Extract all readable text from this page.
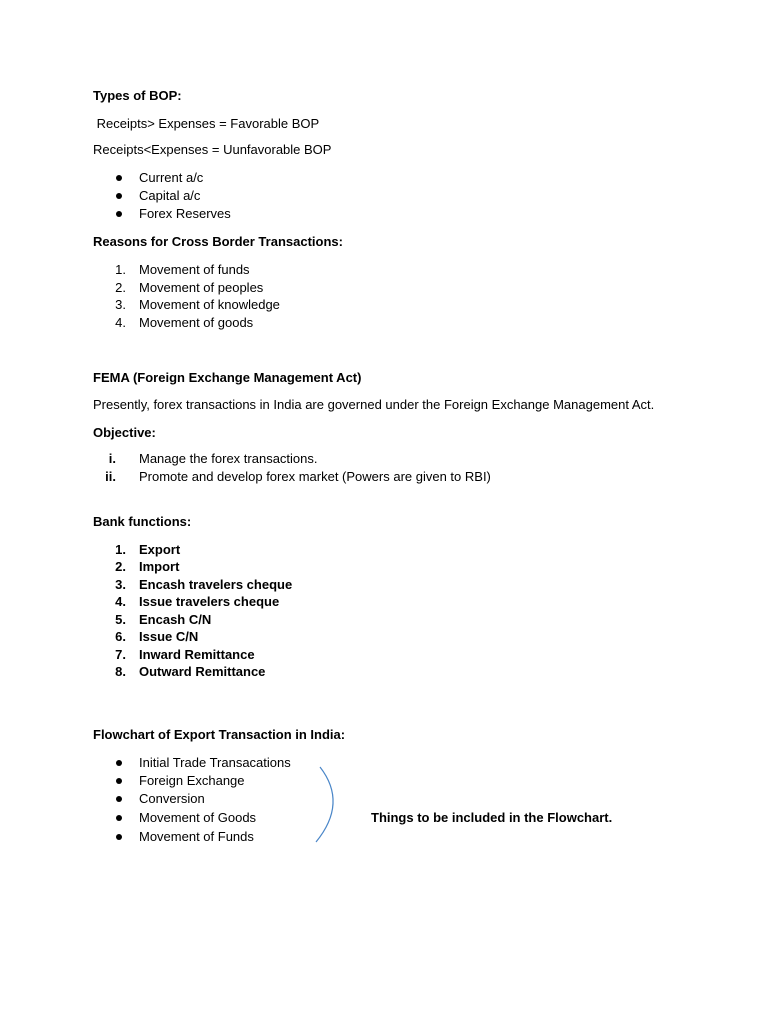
Types of BOP:
Receipts> Expenses = Favorable BOP
Receipts<Expenses = Uunfavorable BOP
Current a/c
Capital a/c
Forex Reserves
Reasons for Cross Border Transactions:
1. Movement of funds
2. Movement of peoples
3. Movement of knowledge
4. Movement of goods
FEMA (Foreign Exchange Management Act)
Presently, forex transactions in India are governed under the Foreign Exchange Management Act.
Objective:
i. Manage the forex transactions.
ii. Promote and develop forex market (Powers are given to RBI)
Bank functions:
1. Export
2. Import
3. Encash travelers cheque
4. Issue travelers cheque
5. Encash C/N
6. Issue C/N
7. Inward Remittance
8. Outward Remittance
Flowchart of Export Transaction in India:
Initial Trade Transacations
Foreign Exchange
Conversion
Movement of Goods
Movement of Funds
Things to be included in the Flowchart.
